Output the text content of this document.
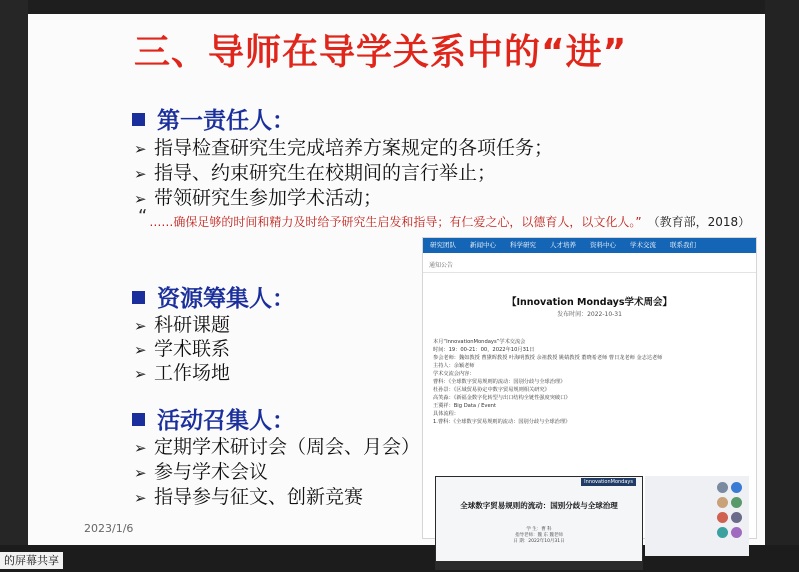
三、导师在导学关系中的“进”
第一责任人：
➢ 指导检查研究生完成培养方案规定的各项任务；
➢ 指导、约束研究生在校期间的言行举止；
➢ 带领研究生参加学术活动；
“ ……确保足够的时间和精力及时给予研究生启发和指导；有仁爱之心，以德育人，以文化人。” （教育部，2018）
资源筹集人：
➢ 科研课题
➢ 学术联系
➢ 工作场地
活动召集人：
➢ 定期学术研讨会（周会、月会）
➢ 参与学术会议
➢ 指导参与征文、创新竞赛
2023/1/6
研究团队	新闻中心	科学研究	人才培养	资料中心	学术交流	联系我们
通知公告
【Innovation Mondays学术周会】
发布时间：2022-10-31
本月“InnovationMondays”学术交流会
时间：19：00-21：00，2022年10月31日
参会老师：魏如教授 曹黛晖教授 叶海明教授 余祖教授 姚婧教授 董晓希老师 曹日龙老师 金志达老师
主持人：余颖老师
学术交流会内容：
曹科：《全球数字贸易规则的流动：国别分歧与全球治理》
杜孙景：《区域贸易协定中数字贸易规则相关研究》
高笑淼：《新福金数字化转型与出口结构全链性强度突破口》
王冀祥：Big Data / Event
具体流程：
1.曹科：《全球数字贸易规则的流动：国别分歧与全球治理》
InnovationMondays
全球数字贸易规则的流动：国别分歧与全球治理
学 生：曹 科
指导老师：魏 东 魏老师
日 期：2022年10月31日
的屏幕共享
